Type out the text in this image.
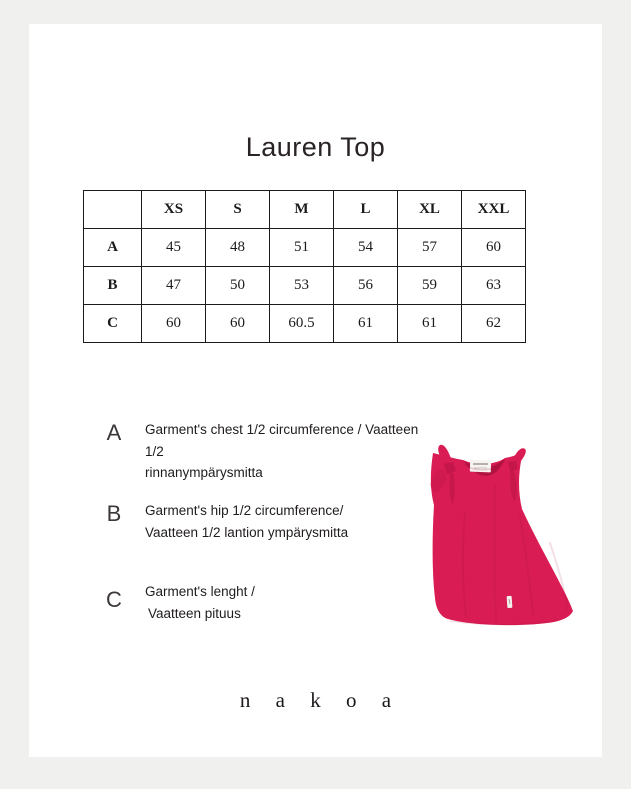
Lauren Top
	XS	S	M	L	XL	XXL
A	45	48	51	54	57	60
B	47	50	53	56	59	63
C	60	60	60.5	61	61	62
A	Garment's chest 1/2 circumference / Vaatteen 1/2
rinnanympärysmitta
B	Garment's hip 1/2 circumference/
Vaatteen 1/2 lantion ympärysmitta
C	Garment's lenght /
Vaatteen pituus
n a k o a
